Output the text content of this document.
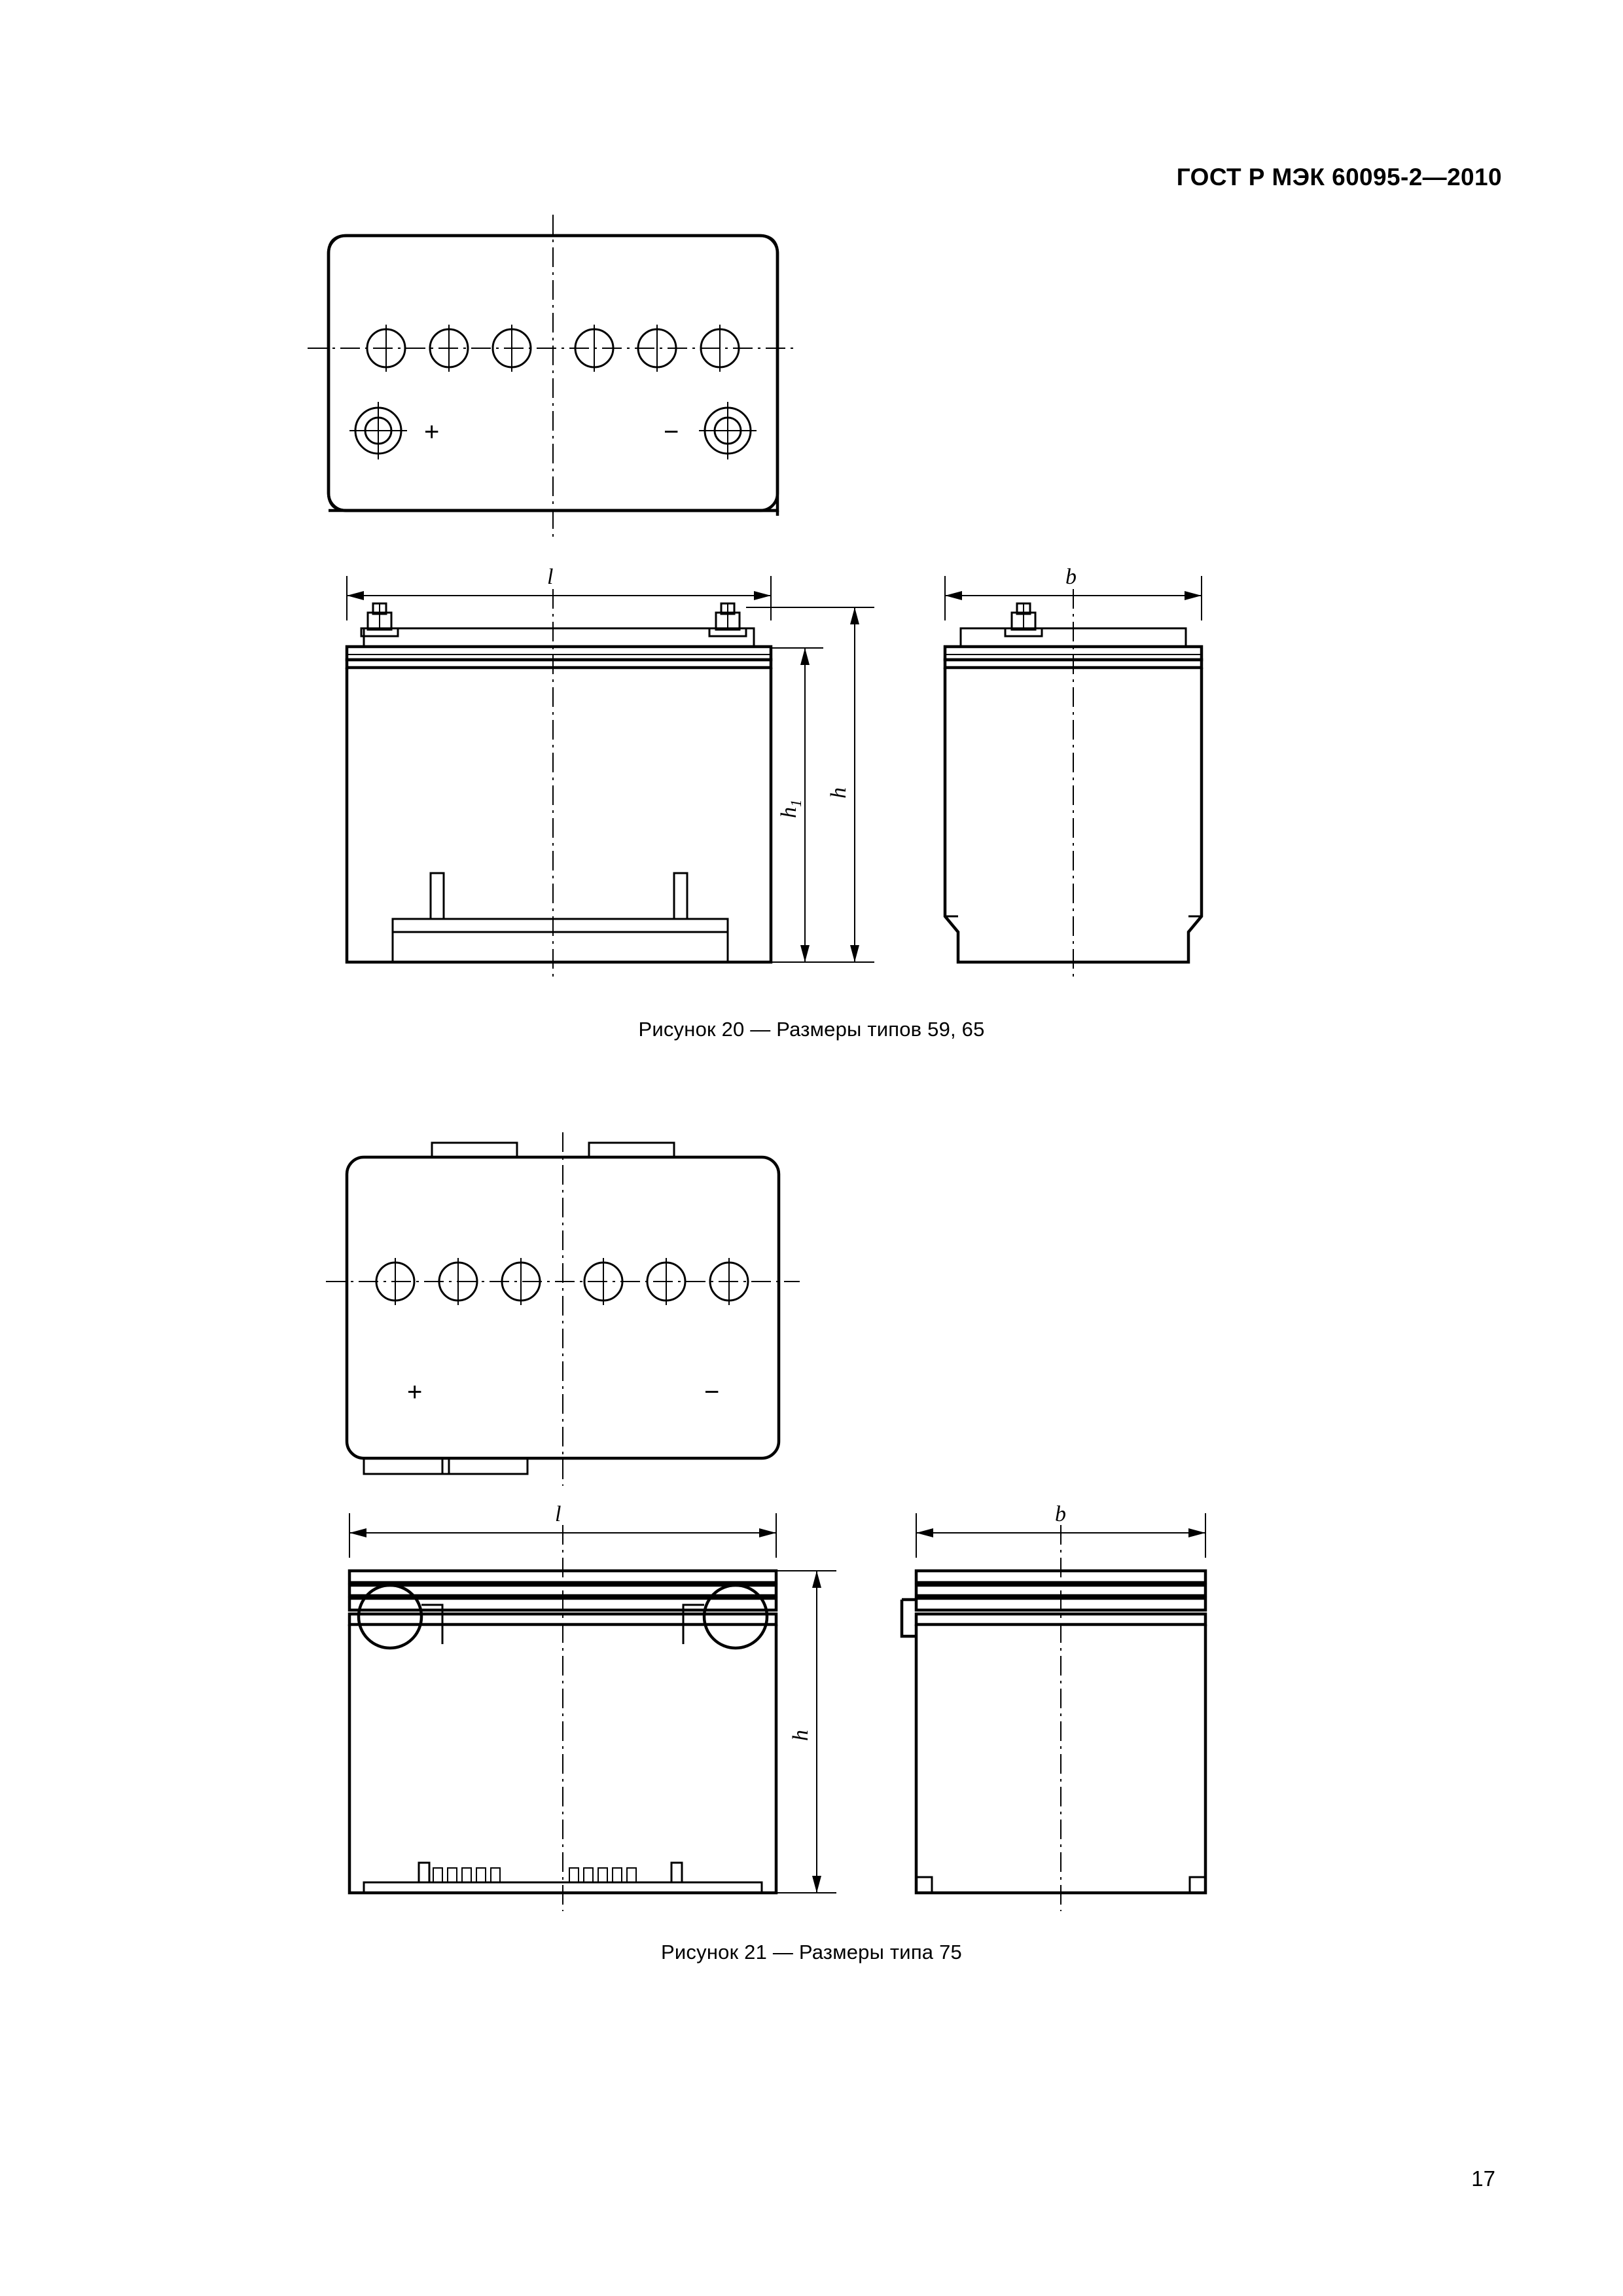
ГОСТ Р МЭК 60095-2—2010
+	−
l
$h_1$
h
b
Рисунок 20 — Размеры типов 59, 65
+	−
l
h
b
Рисунок 21 — Размеры типа 75
17
